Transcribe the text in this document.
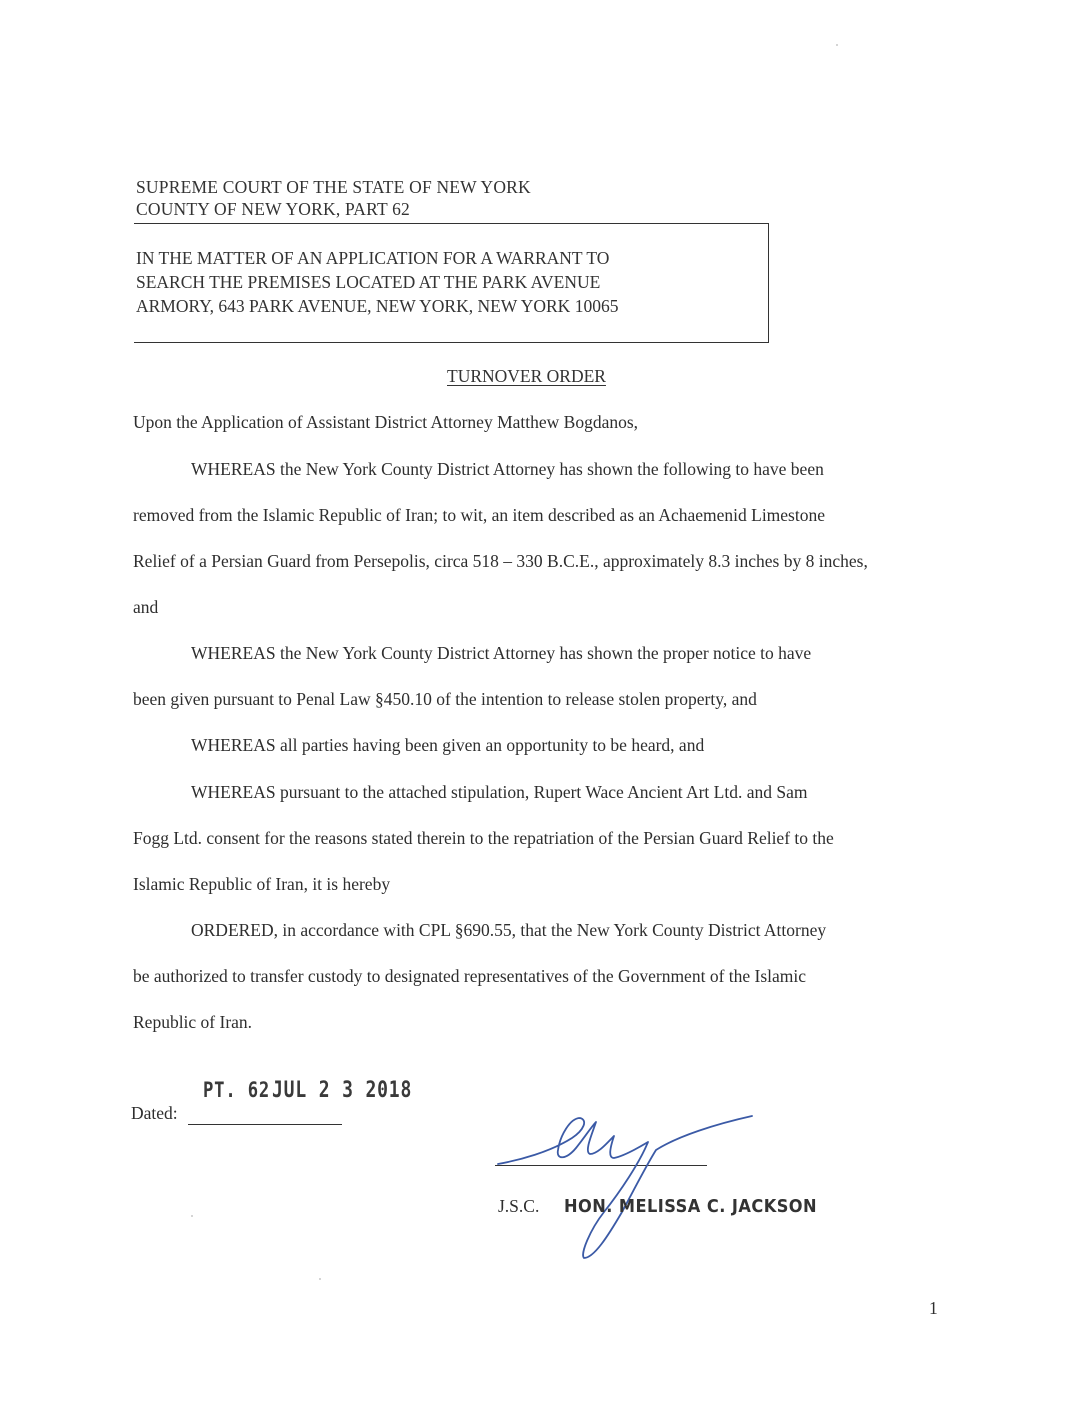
SUPREME COURT OF THE STATE OF NEW YORK
COUNTY OF NEW YORK, PART 62
IN THE MATTER OF AN APPLICATION FOR A WARRANT TO
SEARCH THE PREMISES LOCATED AT THE PARK AVENUE
ARMORY, 643 PARK AVENUE, NEW YORK, NEW YORK 10065
TURNOVER ORDER
Upon the Application of Assistant District Attorney Matthew Bogdanos,
WHEREAS the New York County District Attorney has shown the following to have been
removed from the Islamic Republic of Iran; to wit, an item described as an Achaemenid Limestone
Relief of a Persian Guard from Persepolis, circa 518 – 330 B.C.E., approximately 8.3 inches by 8 inches,
and
WHEREAS the New York County District Attorney has shown the proper notice to have
been given pursuant to Penal Law §450.10 of the intention to release stolen property, and
WHEREAS all parties having been given an opportunity to be heard, and
WHEREAS pursuant to the attached stipulation, Rupert Wace Ancient Art Ltd. and Sam
Fogg Ltd. consent for the reasons stated therein to the repatriation of the Persian Guard Relief to the
Islamic Republic of Iran, it is hereby
ORDERED, in accordance with CPL §690.55, that the New York County District Attorney
be authorized to transfer custody to designated representatives of the Government of the Islamic
Republic of Iran.
PT. 62 JUL 2 3 2018
Dated:
J.S.C. HON. MELISSA C. JACKSON
1
